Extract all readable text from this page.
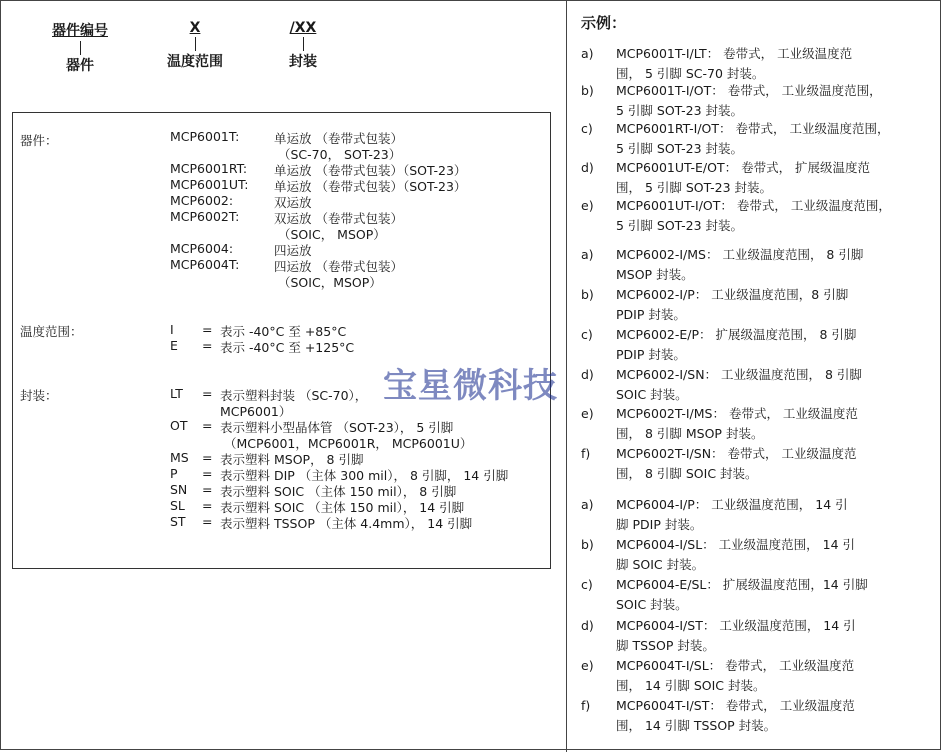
器件编号
器件
X
温度范围
/XX
封装
器件：	MCP6001T:	单运放 （卷带式包装）
（SC-70， SOT-23）
MCP6001RT: 单运放 （卷带式包装）（SOT-23）
MCP6001UT: 单运放 （卷带式包装）（SOT-23）
MCP6002:	双运放
MCP6002T:	双运放 （卷带式包装）
（SOIC， MSOP）
MCP6004:	四运放
MCP6004T:	四运放 （卷带式包装）
（SOIC，MSOP）
温度范围：	I = 表示 -40°C 至 +85°C
E = 表示 -40°C 至 +125°C
封装：	LT = 表示塑料封装 （SC-70），
MCP6001）
OT = 表示塑料小型晶体管 （SOT-23）， 5 引脚
（MCP6001，MCP6001R， MCP6001U）
MS = 表示塑料 MSOP， 8 引脚
P = 表示塑料 DIP （主体 300 mil）， 8 引脚， 14 引脚
SN = 表示塑料 SOIC （主体 150 mil）， 8 引脚
SL = 表示塑料 SOIC （主体 150 mil）， 14 引脚
ST = 表示塑料 TSSOP （主体 4.4mm）， 14 引脚
宝星微科技
示例：
a) MCP6001T-I/LT： 卷带式， 工业级温度范
围， 5 引脚 SC-70 封装。
b) MCP6001T-I/OT： 卷带式， 工业级温度范围，
5 引脚 SOT-23 封装。
c) MCP6001RT-I/OT： 卷带式， 工业级温度范围，
5 引脚 SOT-23 封装。
d) MCP6001UT-E/OT： 卷带式， 扩展级温度范
围， 5 引脚 SOT-23 封装。
e) MCP6001UT-I/OT： 卷带式， 工业级温度范围，
5 引脚 SOT-23 封装。
a) MCP6002-I/MS： 工业级温度范围， 8 引脚
MSOP 封装。
b) MCP6002-I/P： 工业级温度范围，8 引脚
PDIP 封装。
c) MCP6002-E/P： 扩展级温度范围， 8 引脚
PDIP 封装。
d) MCP6002-I/SN： 工业级温度范围， 8 引脚
SOIC 封装。
e) MCP6002T-I/MS： 卷带式， 工业级温度范
围， 8 引脚 MSOP 封装。
f) MCP6002T-I/SN： 卷带式， 工业级温度范
围， 8 引脚 SOIC 封装。
a) MCP6004-I/P： 工业级温度范围， 14 引
脚 PDIP 封装。
b) MCP6004-I/SL： 工业级温度范围， 14 引
脚 SOIC 封装。
c) MCP6004-E/SL： 扩展级温度范围，14 引脚
SOIC 封装。
d) MCP6004-I/ST： 工业级温度范围， 14 引
脚 TSSOP 封装。
e) MCP6004T-I/SL： 卷带式， 工业级温度范
围， 14 引脚 SOIC 封装。
f) MCP6004T-I/ST： 卷带式， 工业级温度范
围， 14 引脚 TSSOP 封装。
